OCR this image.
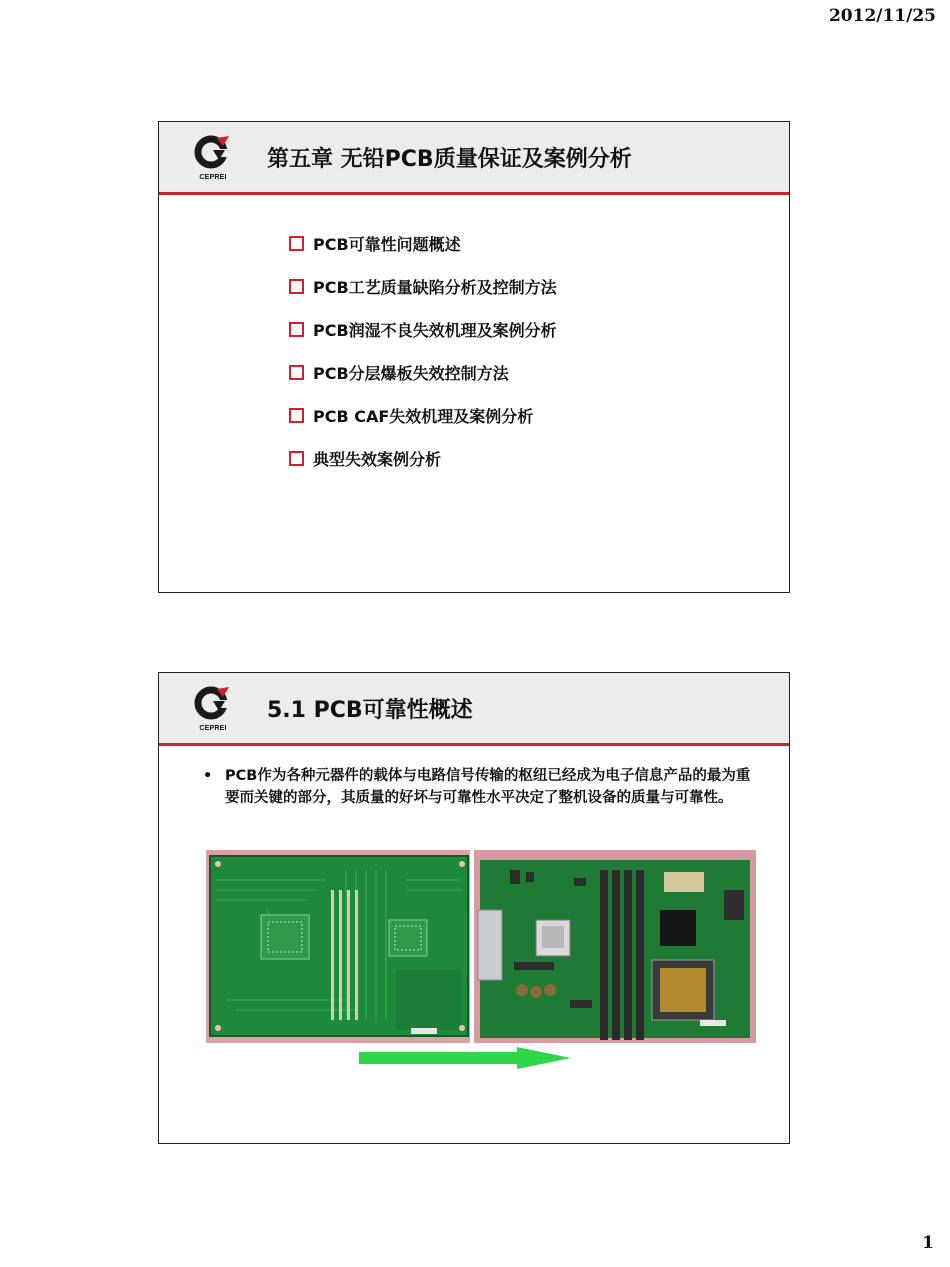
2012/11/25
CEPREI
第五章 无铅PCB质量保证及案例分析
PCB可靠性问题概述
PCB工艺质量缺陷分析及控制方法
PCB润湿不良失效机理及案例分析
PCB分层爆板失效控制方法
PCB CAF失效机理及案例分析
典型失效案例分析
CEPREI
5.1 PCB可靠性概述
• PCB作为各种元器件的载体与电路信号传输的枢纽已经成为电子信息产品的最为重要而关键的部分，其质量的好坏与可靠性水平决定了整机设备的质量与可靠性。
1
